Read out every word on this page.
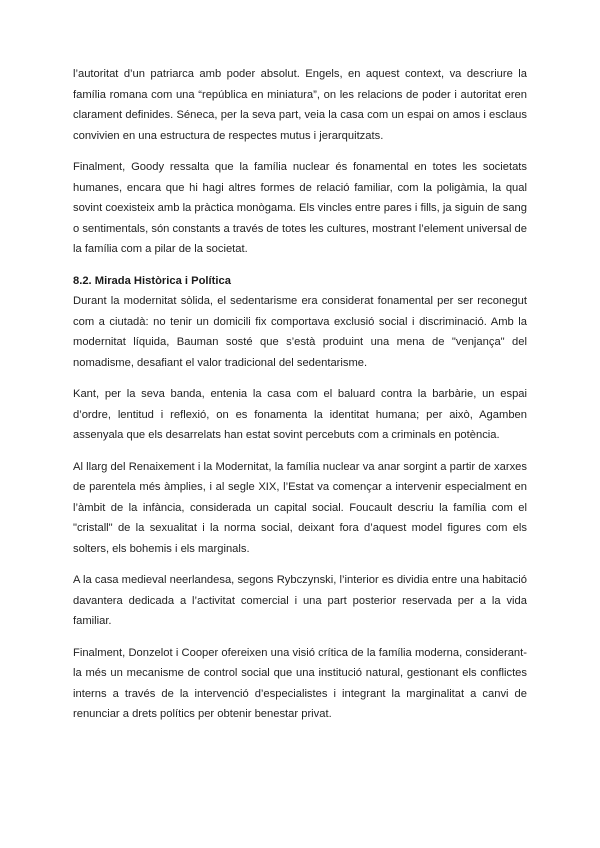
l’autoritat d’un patriarca amb poder absolut. Engels, en aquest context, va descriure la família romana com una “república en miniatura”, on les relacions de poder i autoritat eren clarament definides. Séneca, per la seva part, veia la casa com un espai on amos i esclaus convivien en una estructura de respectes mutus i jerarquitzats.

Finalment, Goody ressalta que la família nuclear és fonamental en totes les societats humanes, encara que hi hagi altres formes de relació familiar, com la poligàmia, la qual sovint coexisteix amb la pràctica monògama. Els vincles entre pares i fills, ja siguin de sang o sentimentals, són constants a través de totes les cultures, mostrant l’element universal de la família com a pilar de la societat.

8.2. Mirada Històrica i Política

Durant la modernitat sòlida, el sedentarisme era considerat fonamental per ser reconegut com a ciutadà: no tenir un domicili fix comportava exclusió social i discriminació. Amb la modernitat líquida, Bauman sosté que s’està produint una mena de "venjança" del nomadisme, desafiant el valor tradicional del sedentarisme.

Kant, per la seva banda, entenia la casa com el baluard contra la barbàrie, un espai d’ordre, lentitud i reflexió, on es fonamenta la identitat humana; per això, Agamben assenyala que els desarrelats han estat sovint percebuts com a criminals en potència.

Al llarg del Renaixement i la Modernitat, la família nuclear va anar sorgint a partir de xarxes de parentela més àmplies, i al segle XIX, l’Estat va començar a intervenir especialment en l’àmbit de la infància, considerada un capital social. Foucault descriu la família com el "cristall" de la sexualitat i la norma social, deixant fora d’aquest model figures com els solters, els bohemis i els marginals.

A la casa medieval neerlandesa, segons Rybczynski, l’interior es dividia entre una habitació davantera dedicada a l’activitat comercial i una part posterior reservada per a la vida familiar.

Finalment, Donzelot i Cooper ofereixen una visió crítica de la família moderna, considerant-la més un mecanisme de control social que una institució natural, gestionant els conflictes interns a través de la intervenció d’especialistes i integrant la marginalitat a canvi de renunciar a drets polítics per obtenir benestar privat.
